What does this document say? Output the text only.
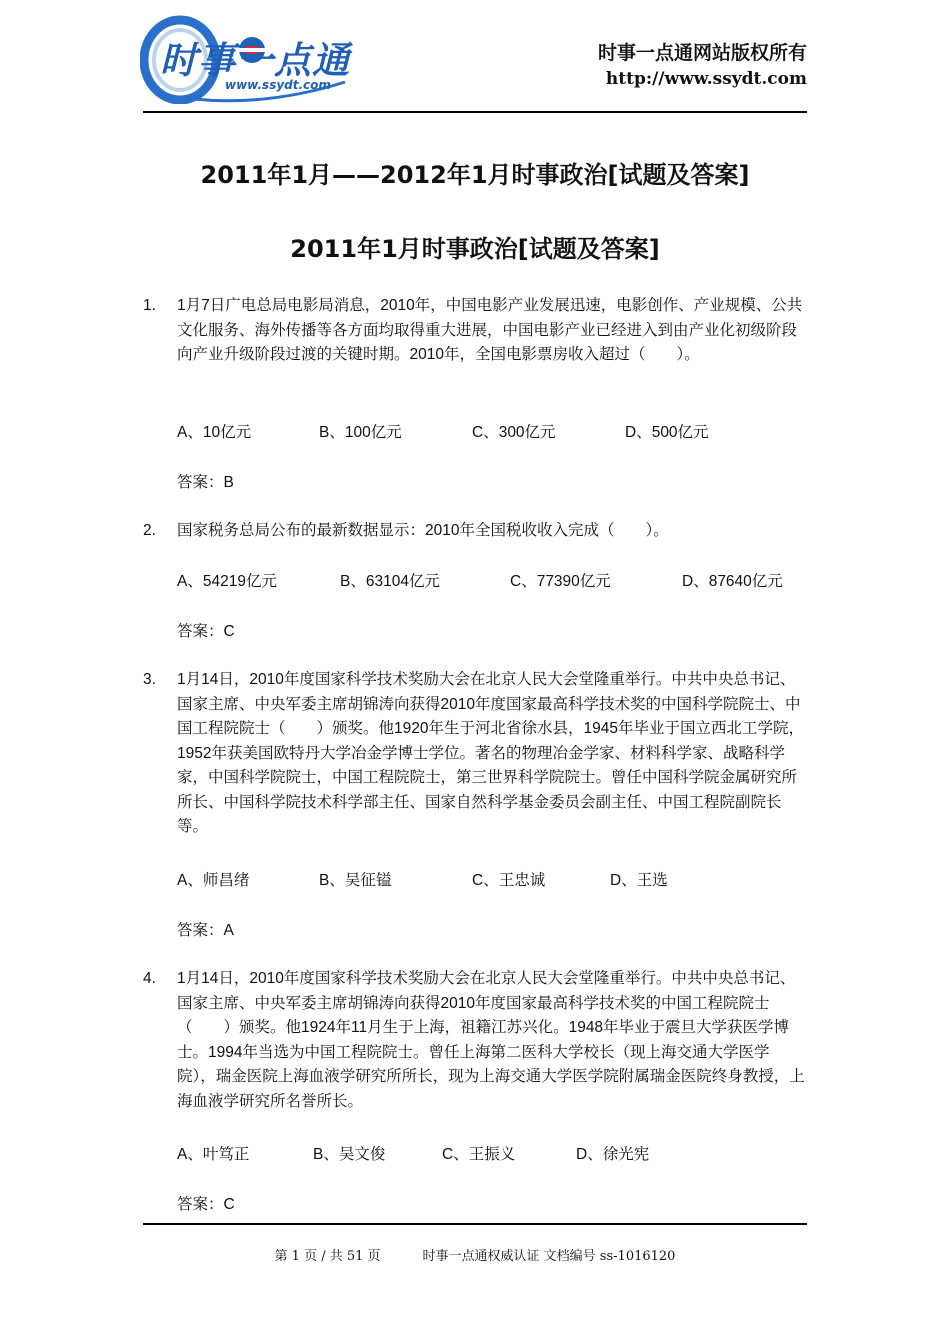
时事一点通
www.ssydt.com
时事一点通网站版权所有
http://www.ssydt.com
2011年1月——2012年1月时事政治[试题及答案]
2011年1月时事政治[试题及答案]
1. 1月7日广电总局电影局消息，2010年，中国电影产业发展迅速，电影创作、产业规模、公共文化服务、海外传播等各方面均取得重大进展，中国电影产业已经进入到由产业化初级阶段向产业升级阶段过渡的关键时期。2010年，全国电影票房收入超过（　　）。
A、10亿元	B、100亿元	C、300亿元	D、500亿元
答案：B
2. 国家税务总局公布的最新数据显示：2010年全国税收收入完成（　　）。
A、54219亿元	B、63104亿元	C、77390亿元	D、87640亿元
答案：C
3. 1月14日，2010年度国家科学技术奖励大会在北京人民大会堂隆重举行。中共中央总书记、国家主席、中央军委主席胡锦涛向获得2010年度国家最高科学技术奖的中国科学院院士、中国工程院院士（　　）颁奖。他1920年生于河北省徐水县，1945年毕业于国立西北工学院，1952年获美国欧特丹大学冶金学博士学位。著名的物理冶金学家、材料科学家、战略科学家，中国科学院院士，中国工程院院士，第三世界科学院院士。曾任中国科学院金属研究所所长、中国科学院技术科学部主任、国家自然科学基金委员会副主任、中国工程院副院长等。
A、师昌绪	B、吴征镒	C、王忠诚	D、王选
答案：A
4. 1月14日，2010年度国家科学技术奖励大会在北京人民大会堂隆重举行。中共中央总书记、国家主席、中央军委主席胡锦涛向获得2010年度国家最高科学技术奖的中国工程院院士（　　）颁奖。他1924年11月生于上海，祖籍江苏兴化。1948年毕业于震旦大学获医学博士。1994年当选为中国工程院院士。曾任上海第二医科大学校长（现上海交通大学医学院），瑞金医院上海血液学研究所所长，现为上海交通大学医学院附属瑞金医院终身教授，上海血液学研究所名誉所长。
A、叶笃正	B、吴文俊	C、王振义	D、徐光宪
答案：C
第 1 页 / 共 51 页	时事一点通权威认证 文档编号 ss-1016120
